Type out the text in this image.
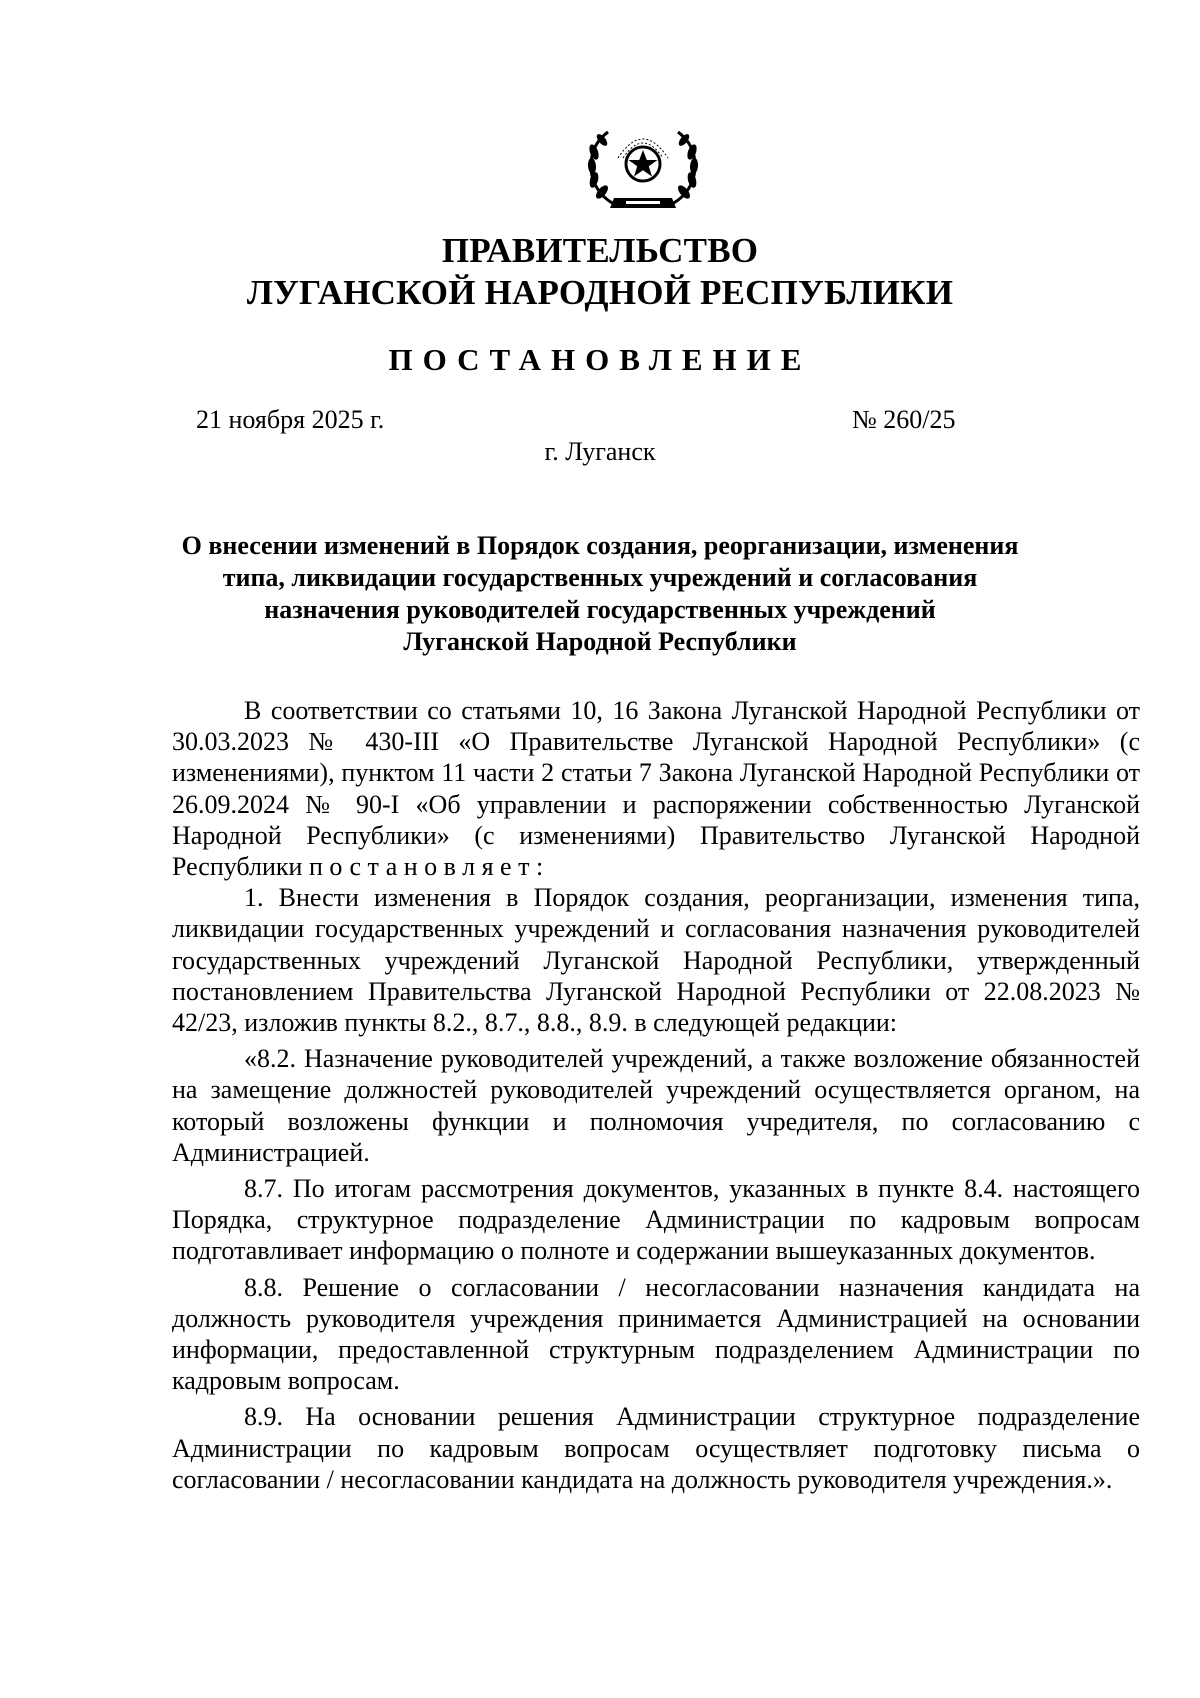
ПРАВИТЕЛЬСТВО
ЛУГАНСКОЙ НАРОДНОЙ РЕСПУБЛИКИ
ПОСТАНОВЛЕНИЕ
21 ноября 2025 г.	№ 260/25
г. Луганск
О внесении изменений в Порядок создания, реорганизации, изменения
типа, ликвидации государственных учреждений и согласования
назначения руководителей государственных учреждений
Луганской Народной Республики

В соответствии со статьями 10, 16 Закона Луганской Народной Республики от 30.03.2023 № 430-III «О Правительстве Луганской Народной Республики» (с изменениями), пунктом 11 части 2 статьи 7 Закона Луганской Народной Республики от 26.09.2024 № 90-I «Об управлении и распоряжении собственностью Луганской Народной Республики» (с изменениями) Правительство Луганской Народной Республики постановляет:

1. Внести изменения в Порядок создания, реорганизации, изменения типа, ликвидации государственных учреждений и согласования назначения руководителей государственных учреждений Луганской Народной Республики, утвержденный постановлением Правительства Луганской Народной Республики от 22.08.2023 № 42/23, изложив пункты 8.2., 8.7., 8.8., 8.9. в следующей редакции:

«8.2. Назначение руководителей учреждений, а также возложение обязанностей на замещение должностей руководителей учреждений осуществляется органом, на который возложены функции и полномочия учредителя, по согласованию с Администрацией.

8.7. По итогам рассмотрения документов, указанных в пункте 8.4. настоящего Порядка, структурное подразделение Администрации по кадровым вопросам подготавливает информацию о полноте и содержании вышеуказанных документов.

8.8. Решение о согласовании / несогласовании назначения кандидата на должность руководителя учреждения принимается Администрацией на основании информации, предоставленной структурным подразделением Администрации по кадровым вопросам.

8.9. На основании решения Администрации структурное подразделение Администрации по кадровым вопросам осуществляет подготовку письма о согласовании / несогласовании кандидата на должность руководителя учреждения.».
